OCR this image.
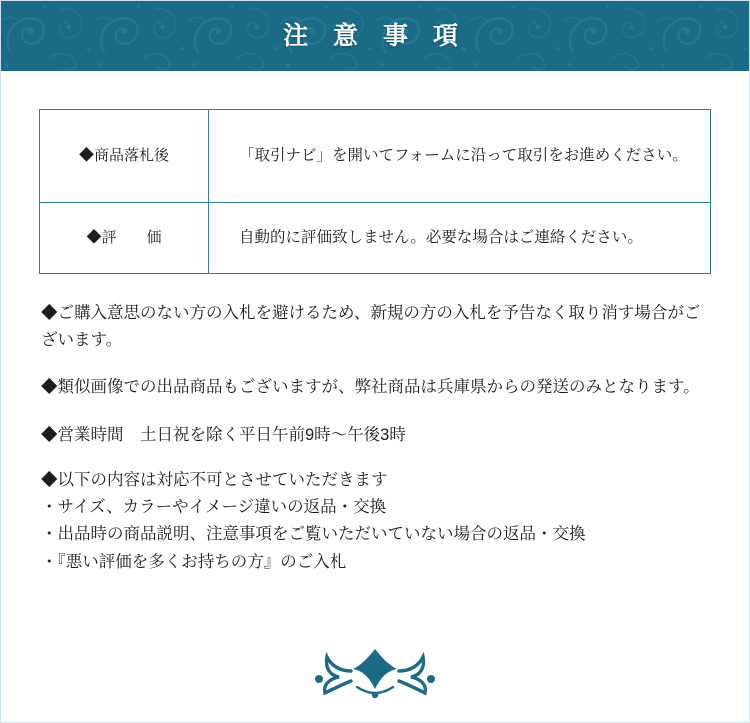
注 意 事 項
◆商品落札後	「取引ナビ」を開いてフォームに沿って取引をお進めください。
◆評　　価	自動的に評価致しません。必要な場合はご連絡ください。
◆ご購入意思のない方の入札を避けるため、新規の方の入札を予告なく取り消す場合がございます。
◆類似画像での出品商品もございますが、弊社商品は兵庫県からの発送のみとなります。
◆営業時間　土日祝を除く平日午前9時〜午後3時
◆以下の内容は対応不可とさせていただきます
・サイズ、カラーやイメージ違いの返品・交換
・出品時の商品説明、注意事項をご覧いただいていない場合の返品・交換
・『悪い評価を多くお持ちの方』のご入札
